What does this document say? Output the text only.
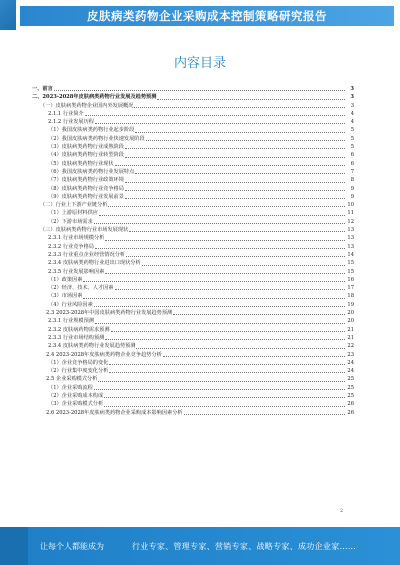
皮肤病类药物企业采购成本控制策略研究报告
内容目录
一、前言	3
二、2023-2028年皮肤病类药物行业发展及趋势预测	3
（一）皮肤病类药物企业国内外发展概况	3
2.1.1 行业简介	4
2.1.2 行业发展历程	4
（1）我国皮肤病类药物行业起步阶段	5
（2）我国皮肤病类药物行业快速发展阶段	5
（3）皮肤病类药物行业成熟阶段	5
（4）皮肤病类药物行业转型阶段	6
（5）皮肤病类药物行业现状	6
（6）我国皮肤病类药物行业发展特点	7
（7）皮肤病类药物行业政策环境	8
（8）皮肤病类药物行业竞争格局	9
（9）皮肤病类药物行业发展前景	9
（二）行业上下游产业链分析	10
（1）上游原材料供应	11
（2）下游市场需求	12
（三）皮肤病类药物行业市场发展现状	13
2.3.1 行业市场规模分析	13
2.3.2 行业竞争格局	13
2.3.3 行业重点企业经营情况分析	14
2.3.4 皮肤病类药物行业进出口现状分析	15
2.3.5 行业发展影响因素	15
（1）政策因素	16
（2）经济、技术、人才因素	17
（3）市场因素	18
（4）行业风险因素	19
2.3 2023-2028年中国皮肤病类药物行业发展趋势预测	20
2.3.1 行业规模预测	20
2.3.2 皮肤病药物需求预测	21
2.3.3 行业市场结构预测	21
2.3.4 皮肤病类药物行业发展趋势预测	22
2.4 2023-2028年皮肤病类药物企业竞争趋势分析	23
（1）企业竞争格局的变化	24
（2）行业集中度变化分析	24
2.5 企业采购模式分析	25
（1）企业采购流程	25
（2）企业采购成本构成	25
（3）企业采购模式分析	26
2.6 2023-2028年皮肤病类药物企业采购成本影响因素分析	26
2
让每个人都能成为	行业专家、管理专家、营销专家、战略专家、成功企业家……
